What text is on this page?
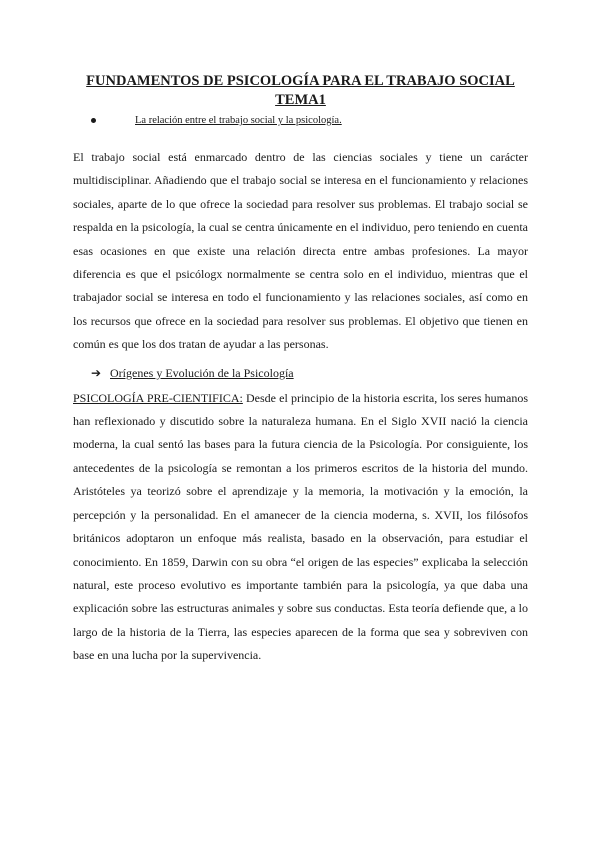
FUNDAMENTOS DE PSICOLOGÍA PARA EL TRABAJO SOCIAL
TEMA1
La relación entre el trabajo social y la psicología.

El trabajo social está enmarcado dentro de las ciencias sociales y tiene un carácter multidisciplinar. Añadiendo que el trabajo social se interesa en el funcionamiento y relaciones sociales, aparte de lo que ofrece la sociedad para resolver sus problemas. El trabajo social se respalda en la psicología, la cual se centra únicamente en el individuo, pero teniendo en cuenta esas ocasiones en que existe una relación directa entre ambas profesiones. La mayor diferencia es que el psicólogx normalmente se centra solo en el individuo, mientras que el trabajador social se interesa en todo el funcionamiento y las relaciones sociales, así como en los recursos que ofrece en la sociedad para resolver sus problemas. El objetivo que tienen en común es que los dos tratan de ayudar a las personas.

➔ Orígenes y Evolución de la Psicología

PSICOLOGÍA PRE-CIENTIFICA: Desde el principio de la historia escrita, los seres humanos han reflexionado y discutido sobre la naturaleza humana. En el Siglo XVII nació la ciencia moderna, la cual sentó las bases para la futura ciencia de la Psicología. Por consiguiente, los antecedentes de la psicología se remontan a los primeros escritos de la historia del mundo. Aristóteles ya teorizó sobre el aprendizaje y la memoria, la motivación y la emoción, la percepción y la personalidad. En el amanecer de la ciencia moderna, s. XVII, los filósofos británicos adoptaron un enfoque más realista, basado en la observación, para estudiar el conocimiento. En 1859, Darwin con su obra “el origen de las especies” explicaba la selección natural, este proceso evolutivo es importante también para la psicología, ya que daba una explicación sobre las estructuras animales y sobre sus conductas. Esta teoría defiende que, a lo largo de la historia de la Tierra, las especies aparecen de la forma que sea y sobreviven con base en una lucha por la supervivencia.
